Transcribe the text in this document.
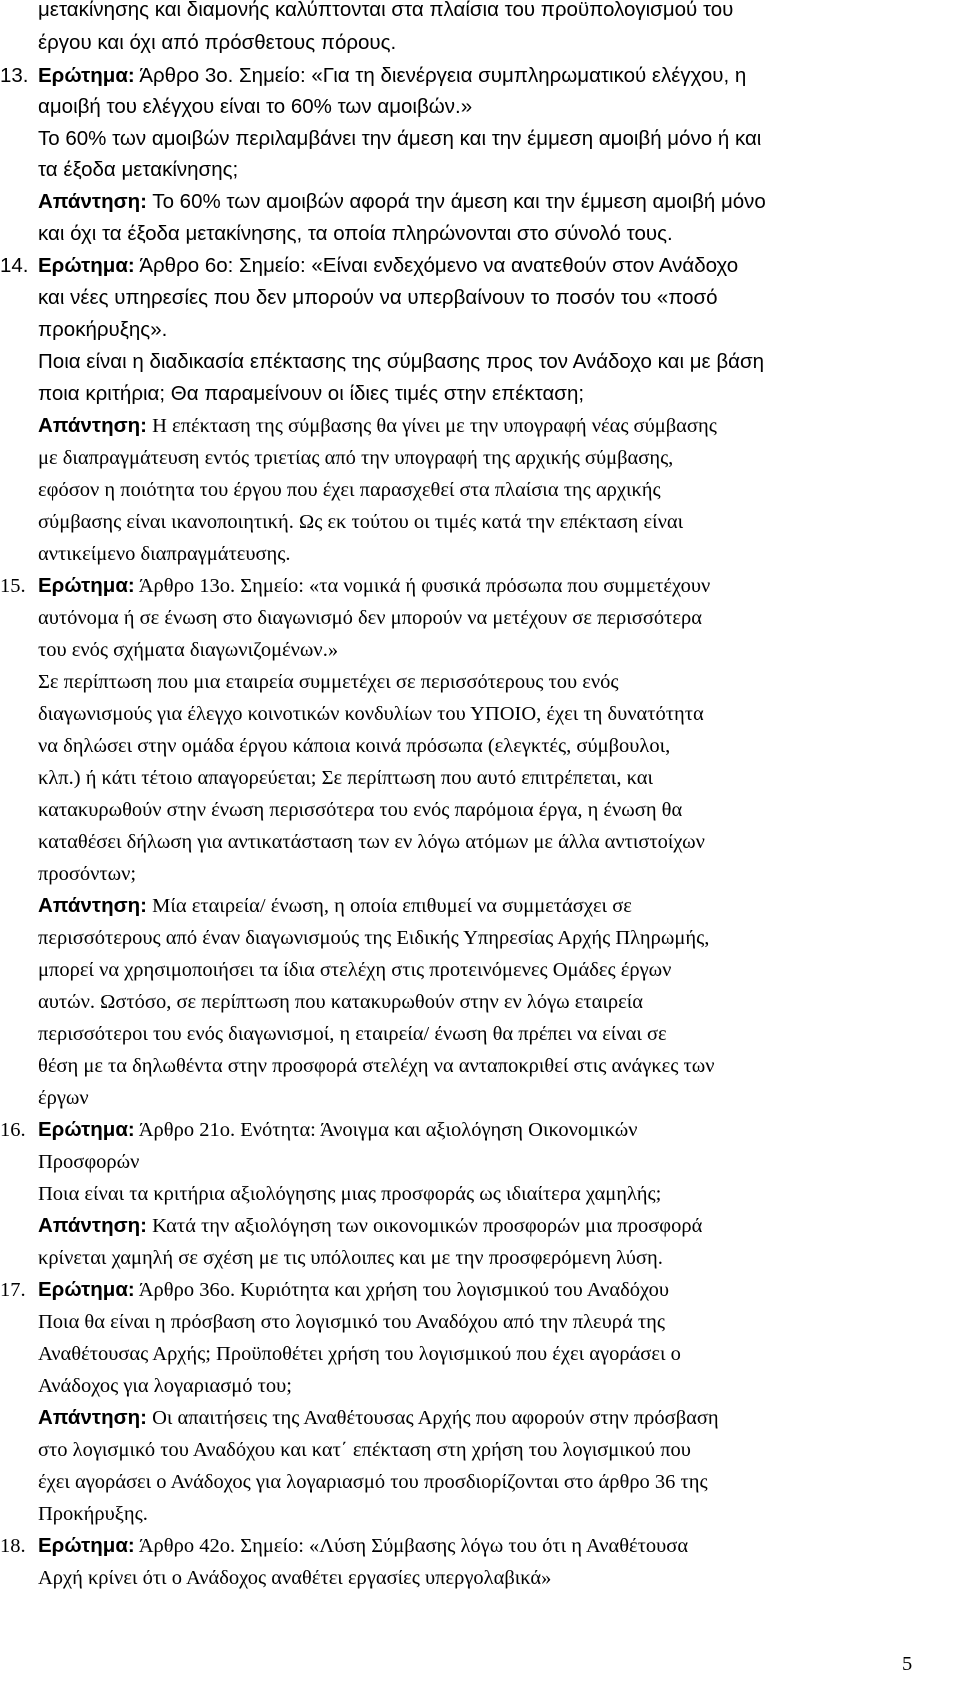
μετακίνησης και διαμονής καλύπτονται στα πλαίσια του προϋπολογισμού του
έργου και όχι από πρόσθετους πόρους.
13. Ερώτημα: Άρθρο 3ο. Σημείο: «Για τη διενέργεια συμπληρωματικού ελέγχου, η
αμοιβή του ελέγχου είναι το 60% των αμοιβών.»
Το 60% των αμοιβών περιλαμβάνει την άμεση και την έμμεση αμοιβή μόνο ή και
τα έξοδα μετακίνησης;
Απάντηση: Το 60% των αμοιβών αφορά την άμεση και την έμμεση αμοιβή μόνο
και όχι τα έξοδα μετακίνησης, τα οποία πληρώνονται στο σύνολό τους.
14. Ερώτημα: Άρθρο 6ο: Σημείο: «Είναι ενδεχόμενο να ανατεθούν στον Ανάδοχο
και νέες υπηρεσίες που δεν μπορούν να υπερβαίνουν το ποσόν του «ποσό
προκήρυξης».
Ποια είναι η διαδικασία επέκτασης της σύμβασης προς τον Ανάδοχο και με βάση
ποια κριτήρια; Θα παραμείνουν οι ίδιες τιμές στην επέκταση;
Απάντηση: Η επέκταση της σύμβασης θα γίνει με την υπογραφή νέας σύμβασης
με διαπραγμάτευση εντός τριετίας από την υπογραφή της αρχικής σύμβασης,
εφόσον η ποιότητα του έργου που έχει παρασχεθεί στα πλαίσια της αρχικής
σύμβασης είναι ικανοποιητική. Ως εκ τούτου οι τιμές κατά την επέκταση είναι
αντικείμενο διαπραγμάτευσης.
15. Ερώτημα: Άρθρο 13ο. Σημείο: «τα νομικά ή φυσικά πρόσωπα που συμμετέχουν
αυτόνομα ή σε ένωση στο διαγωνισμό δεν μπορούν να μετέχουν σε περισσότερα
του ενός σχήματα διαγωνιζομένων.»
Σε περίπτωση που μια εταιρεία συμμετέχει σε περισσότερους του ενός
διαγωνισμούς για έλεγχο κοινοτικών κονδυλίων του ΥΠΟΙΟ, έχει τη δυνατότητα
να δηλώσει στην ομάδα έργου κάποια κοινά πρόσωπα (ελεγκτές, σύμβουλοι,
κλπ.) ή κάτι τέτοιο απαγορεύεται; Σε περίπτωση που αυτό επιτρέπεται, και
κατακυρωθούν στην ένωση περισσότερα του ενός παρόμοια έργα, η ένωση θα
καταθέσει δήλωση για αντικατάσταση των εν λόγω ατόμων με άλλα αντιστοίχων
προσόντων;
Απάντηση: Μία εταιρεία/ ένωση, η οποία επιθυμεί να συμμετάσχει σε
περισσότερους από έναν διαγωνισμούς της Ειδικής Υπηρεσίας Αρχής Πληρωμής,
μπορεί να χρησιμοποιήσει τα ίδια στελέχη στις προτεινόμενες Ομάδες έργων
αυτών. Ωστόσο, σε περίπτωση που κατακυρωθούν στην εν λόγω εταιρεία
περισσότεροι του ενός διαγωνισμοί, η εταιρεία/ ένωση θα πρέπει να είναι σε
θέση με τα δηλωθέντα στην προσφορά στελέχη να ανταποκριθεί στις ανάγκες των
έργων
16. Ερώτημα: Άρθρο 21ο. Ενότητα: Άνοιγμα και αξιολόγηση Οικονομικών
Προσφορών
Ποια είναι τα κριτήρια αξιολόγησης μιας προσφοράς ως ιδιαίτερα χαμηλής;
Απάντηση: Κατά την αξιολόγηση των οικονομικών προσφορών μια προσφορά
κρίνεται χαμηλή σε σχέση με τις υπόλοιπες και με την προσφερόμενη λύση.
17. Ερώτημα: Άρθρο 36ο. Κυριότητα και χρήση του λογισμικού του Αναδόχου
Ποια θα είναι η πρόσβαση στο λογισμικό του Αναδόχου από την πλευρά της
Αναθέτουσας Αρχής; Προϋποθέτει χρήση του λογισμικού που έχει αγοράσει ο
Ανάδοχος για λογαριασμό του;
Απάντηση: Οι απαιτήσεις της Αναθέτουσας Αρχής που αφορούν στην πρόσβαση
στο λογισμικό του Αναδόχου και κατ΄ επέκταση στη χρήση του λογισμικού που
έχει αγοράσει ο Ανάδοχος για λογαριασμό του προσδιορίζονται στο άρθρο 36 της
Προκήρυξης.
18. Ερώτημα: Άρθρο 42ο. Σημείο: «Λύση Σύμβασης λόγω του ότι η Αναθέτουσα
Αρχή κρίνει ότι ο Ανάδοχος αναθέτει εργασίες υπεργολαβικά»
5
